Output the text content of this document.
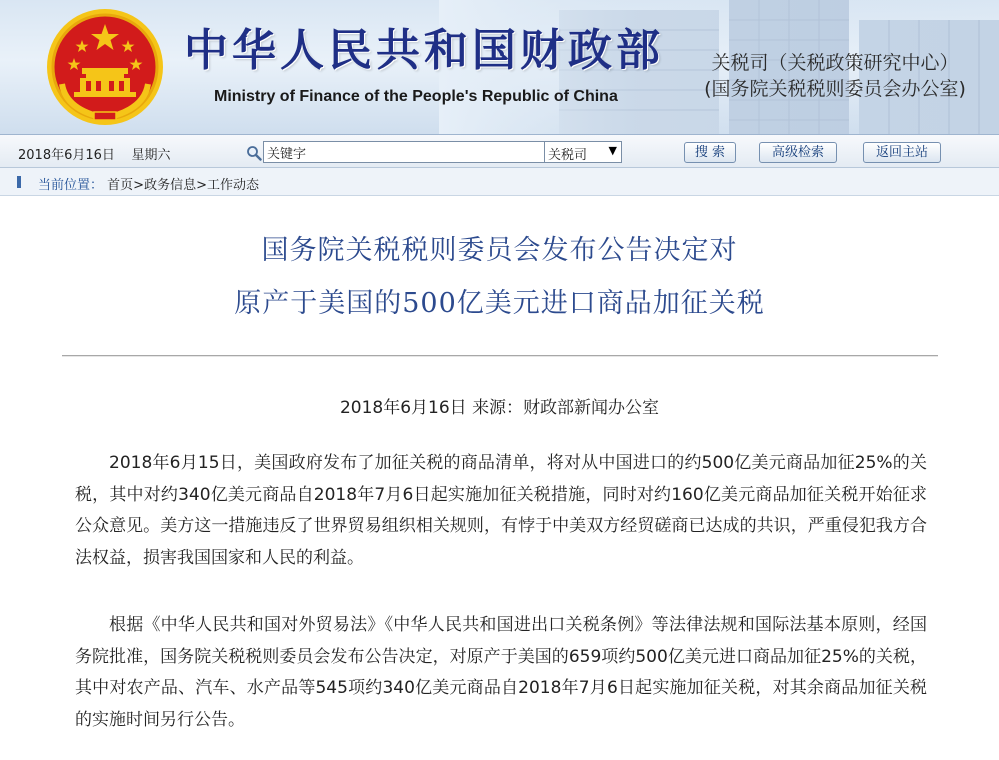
中华人民共和国财政部
Ministry of Finance of the People's Republic of China
关税司（关税政策研究中心）
(国务院关税税则委员会办公室)
2018年6月16日 星期六
关键字	关税司 ▼	搜 索	高级检索	返回主站
当前位置： 首页>政务信息>工作动态
国务院关税税则委员会发布公告决定对
原产于美国的500亿美元进口商品加征关税
2018年6月16日 来源：财政部新闻办公室

2018年6月15日，美国政府发布了加征关税的商品清单，将对从中国进口的约500亿美元商品加征25%的关税，其中对约340亿美元商品自2018年7月6日起实施加征关税措施，同时对约160亿美元商品加征关税开始征求公众意见。美方这一措施违反了世界贸易组织相关规则，有悖于中美双方经贸磋商已达成的共识，严重侵犯我方合法权益，损害我国国家和人民的利益。

根据《中华人民共和国对外贸易法》《中华人民共和国进出口关税条例》等法律法规和国际法基本原则，经国务院批准，国务院关税税则委员会发布公告决定，对原产于美国的659项约500亿美元进口商品加征25%的关税，其中对农产品、汽车、水产品等545项约340亿美元商品自2018年7月6日起实施加征关税，对其余商品加征关税的实施时间另行公告。
